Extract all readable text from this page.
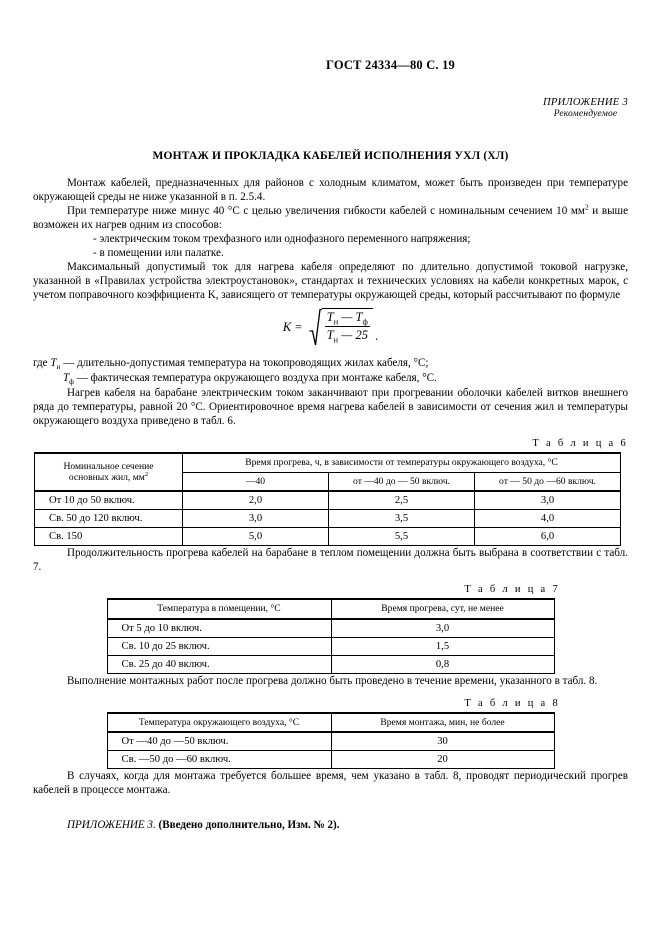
ГОСТ 24334—80 С. 19
ПРИЛОЖЕНИЕ 3
Рекомендуемое
МОНТАЖ И ПРОКЛАДКА КАБЕЛЕЙ ИСПОЛНЕНИЯ УХЛ (ХЛ)

Монтаж кабелей, предназначенных для районов с холодным климатом, может быть произведен при температуре окружающей среды не ниже указанной в п. 2.5.4.

При температуре ниже минус 40 °С с целью увеличения гибкости кабелей с номинальным сечением 10 $мм^2$ и выше возможен их нагрев одним из способов:

- электрическим током трехфазного или однофазного переменного напряжения;

- в помещении или палатке.

Максимальный допустимый ток для нагрева кабеля определяют по длительно допустимой токовой нагрузке, указанной в «Правилах устройства электроустановок», стандартах и технических условиях на кабели конкретных марок, с учетом поправочного коэффициента K, зависящего от температуры окружающей среды, который рассчитывают по формуле

$K = \frac{T_н — T_ф}{T_н — 25}$ .
где $T_н$ — длительно-допустимая температура на токопроводящих жилах кабеля, °С;
$T_ф$ — фактическая температура окружающего воздуха при монтаже кабеля, °С.

Нагрев кабеля на барабане электрическим током заканчивают при прогревании оболочки кабелей витков внешнего ряда до температуры, равной 20 °С. Ориентировочное время нагрева кабелей в зависимости от сечения жил и температуры окружающего воздуха приведено в табл. 6.

Т а б л и ц а 6
Номинальное сечение
основных жил, $мм^2$	Время прогрева, ч, в зависимости от температуры окружающего воздуха, °С		
	—40	от —40 до — 50 включ.	от — 50 до —60 включ.
От 10 до 50 включ.	2,0	2,5	3,0
Св. 50 до 120 включ.	3,0	3,5	4,0
Св. 150	5,0	5,5	6,0

Продолжительность прогрева кабелей на барабане в теплом помещении должна быть выбрана в соответствии с табл. 7.

Т а б л и ц а 7
Температура в помещении, °С	Время прогрева, сут, не менее
От 5 до 10 включ.	3,0
Св. 10 до 25 включ.	1,5
Св. 25 до 40 включ.	0,8

Выполнение монтажных работ после прогрева должно быть проведено в течение времени, указанного в табл. 8.

Т а б л и ц а 8
Температура окружающего воздуха, °С	Время монтажа, мин, не более
От —40 до —50 включ.	30
Св. —50 до —60 включ.	20

В случаях, когда для монтажа требуется большее время, чем указано в табл. 8, проводят периодический прогрев кабелей в процессе монтажа.

ПРИЛОЖЕНИЕ 3. (Введено дополнительно, Изм. № 2).
